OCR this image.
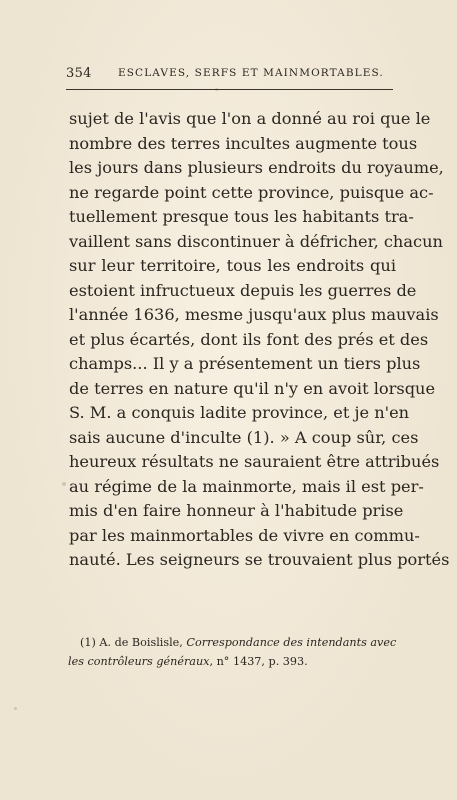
354	ESCLAVES, SERFS ET MAINMORTABLES.
sujet de l'avis que l'on a donné au roi que le
nombre des terres incultes augmente tous
les jours dans plusieurs endroits du royaume,
ne regarde point cette province, puisque ac-
tuellement presque tous les habitants tra-
vaillent sans discontinuer à défricher, chacun
sur leur territoire, tous les endroits qui
estoient infructueux depuis les guerres de
l'année 1636, mesme jusqu'aux plus mauvais
et plus écartés, dont ils font des prés et des
champs... Il y a présentement un tiers plus
de terres en nature qu'il n'y en avoit lorsque
S. M. a conquis ladite province, et je n'en
sais aucune d'inculte (1). » A coup sûr, ces
heureux résultats ne sauraient être attribués
au régime de la mainmorte, mais il est per-
mis d'en faire honneur à l'habitude prise
par les mainmortables de vivre en commu-
nauté. Les seigneurs se trouvaient plus portés
(1) A. de Boislisle, Correspondance des intendants avec
les contrôleurs généraux, n° 1437, p. 393.
